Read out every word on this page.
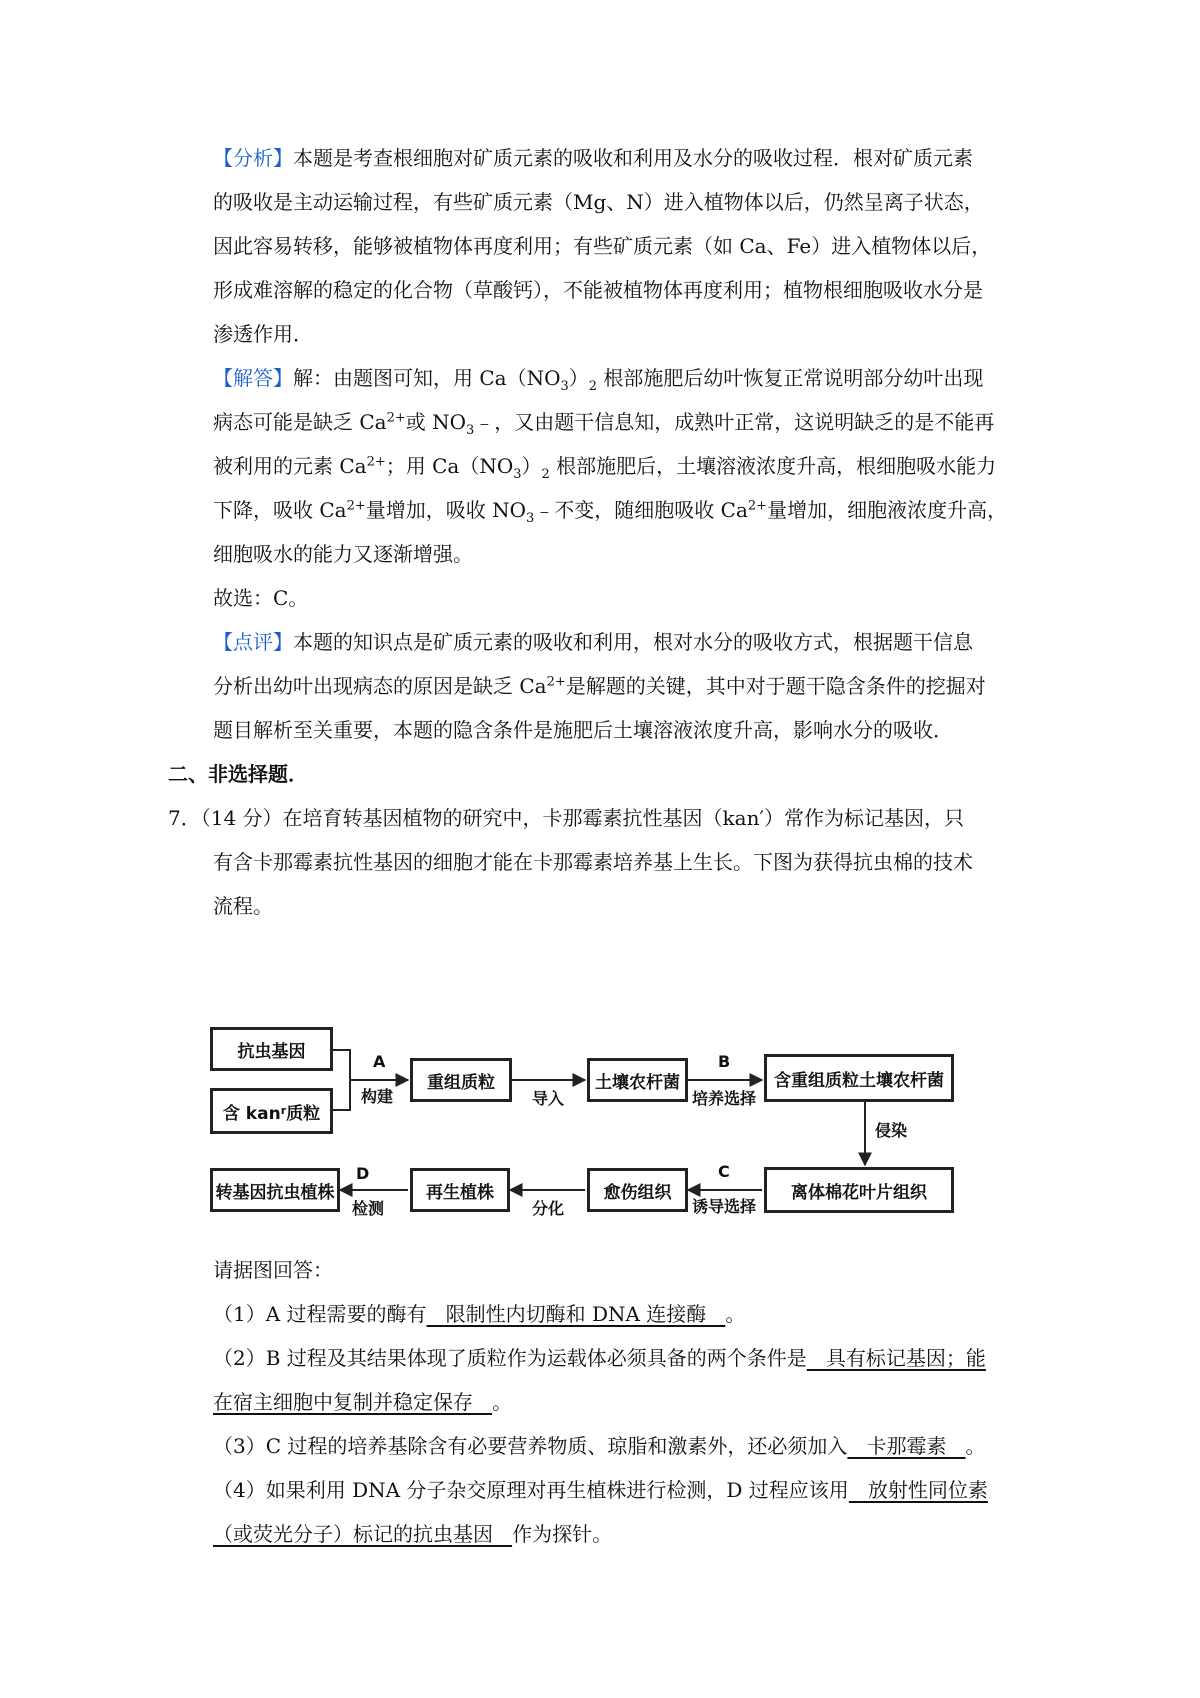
【分析】本题是考查根细胞对矿质元素的吸收和利用及水分的吸收过程．根对矿质元素
的吸收是主动运输过程，有些矿质元素（Mg、N）进入植物体以后，仍然呈离子状态，
因此容易转移，能够被植物体再度利用；有些矿质元素（如 Ca、Fe）进入植物体以后，
形成难溶解的稳定的化合物（草酸钙），不能被植物体再度利用；植物根细胞吸收水分是
渗透作用．
【解答】解：由题图可知，用 $Ca(NO_3)_2$ 根部施肥后幼叶恢复正常说明部分幼叶出现
病态可能是缺乏 $Ca^{2+}$或 $NO_3﹣$，又由题干信息知，成熟叶正常，这说明缺乏的是不能再
被利用的元素 $Ca^{2+}$；用 $Ca(NO_3)_2$ 根部施肥后，土壤溶液浓度升高，根细胞吸水能力
下降，吸收 $Ca^{2+}$量增加，吸收 $NO_3﹣$不变，随细胞吸收 $Ca^{2+}$量增加，细胞液浓度升高，
细胞吸水的能力又逐渐增强。
故选：C。
【点评】本题的知识点是矿质元素的吸收和利用，根对水分的吸收方式，根据题干信息
分析出幼叶出现病态的原因是缺乏 $Ca^{2+}$是解题的关键，其中对于题干隐含条件的挖掘对
题目解析至关重要，本题的隐含条件是施肥后土壤溶液浓度升高，影响水分的吸收．
二、非选择题．
7．（14 分）在培育转基因植物的研究中，卡那霉素抗性基因（kan′）常作为标记基因，只
有含卡那霉素抗性基因的细胞才能在卡那霉素培养基上生长。下图为获得抗虫棉的技术
流程。
抗虫基因
含 kan r 质粒
重组质粒	土壤农杆菌	含重组质粒土壤农杆菌
离体棉花叶片组织
愈伤组织
再生植株
转基因抗虫植株
A
构建	导入
B
培养选择
侵染
C
诱导选择
分化
D
检测
请据图回答：
（1）A 过程需要的酶有   限制性内切酶和 DNA 连接酶   。
（2）B 过程及其结果体现了质粒作为运载体必须具备的两个条件是   具有标记基因；能
在宿主细胞中复制并稳定保存   。
（3）C 过程的培养基除含有必要营养物质、琼脂和激素外，还必须加入   卡那霉素   。
（4）如果利用 DNA 分子杂交原理对再生植株进行检测，D 过程应该用   放射性同位素
（或荧光分子）标记的抗虫基因   作为探针。
